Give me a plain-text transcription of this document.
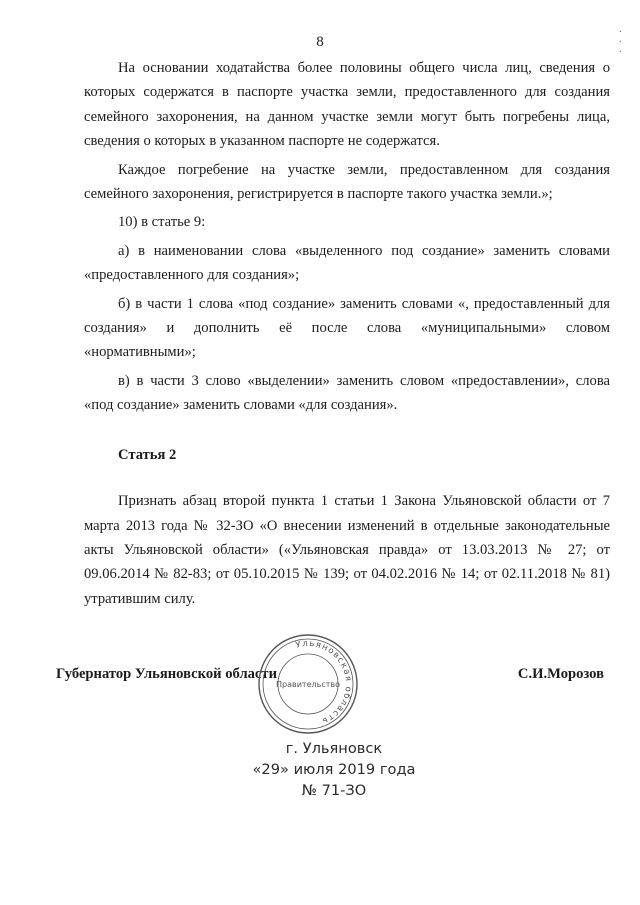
8
·
·
·

На основании ходатайства более половины общего числа лиц, сведения о которых содержатся в паспорте участка земли, предоставленного для создания семейного захоронения, на данном участке земли могут быть погребены лица, сведения о которых в указанном паспорте не содержатся.

Каждое погребение на участке земли, предоставленном для создания семейного захоронения, регистрируется в паспорте такого участка земли.»;

10) в статье 9:

а) в наименовании слова «выделенного под создание» заменить словами «предоставленного для создания»;

б) в части 1 слова «под создание» заменить словами «, предоставленный для создания» и дополнить её после слова «муниципальными» словом «нормативными»;

в) в части 3 слово «выделении» заменить словом «предоставлении», слова «под создание» заменить словами «для создания».

Статья 2

Признать абзац второй пункта 1 статьи 1 Закона Ульяновской области от 7 марта 2013 года № 32-ЗО «О внесении изменений в отдельные законодательные акты Ульяновской области» («Ульяновская правда» от 13.03.2013 № 27; от 09.06.2014 № 82-83; от 05.10.2015 № 139; от 04.02.2016 № 14; от 02.11.2018 № 81) утратившим силу.

Губернатор Ульяновской области	С.И.Морозов
Ульяновская область
Правительство
г. Ульяновск
«29» июля 2019 года
№ 71-ЗО
